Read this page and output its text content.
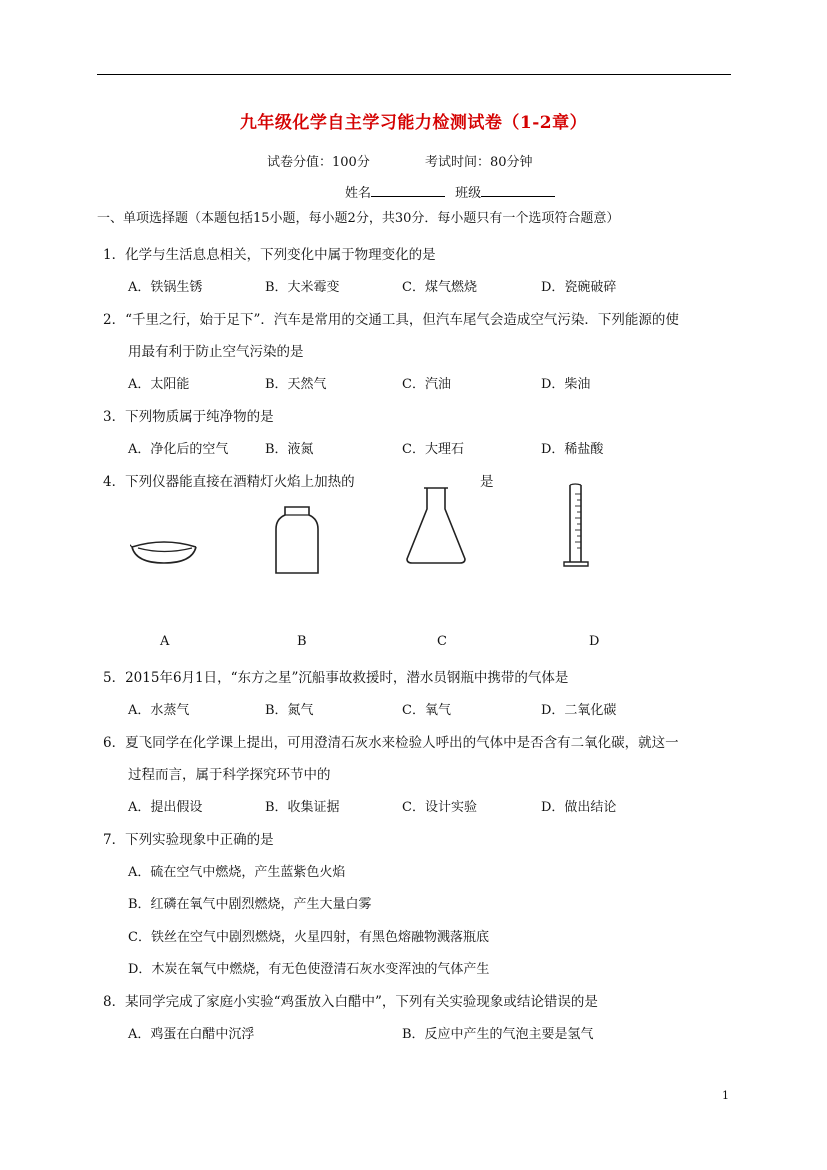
九年级化学自主学习能力检测试卷（1-2章）
试卷分值：100分	考试时间：80分钟
姓名	班级
一、单项选择题（本题包括15小题，每小题2分，共30分．每小题只有一个选项符合题意）
1．化学与生活息息相关，下列变化中属于物理变化的是
A．铁锅生锈	B．大米霉变	C．煤气燃烧	D．瓷碗破碎
2．“千里之行，始于足下”．汽车是常用的交通工具，但汽车尾气会造成空气污染．下列能源的使
用最有利于防止空气污染的是
A．太阳能	B．天然气	C．汽油	D．柴油
3．下列物质属于纯净物的是
A．净化后的空气	B．液氮	C．大理石	D．稀盐酸
4．下列仪器能直接在酒精灯火焰上加热的	是
A	B	C	D
5．2015年6月1日，“东方之星”沉船事故救援时，潜水员钢瓶中携带的气体是
A．水蒸气	B．氮气	C．氧气	D．二氧化碳
6．夏飞同学在化学课上提出，可用澄清石灰水来检验人呼出的气体中是否含有二氧化碳，就这一
过程而言，属于科学探究环节中的
A．提出假设	B．收集证据	C．设计实验	D．做出结论
7．下列实验现象中正确的是
A．硫在空气中燃烧，产生蓝紫色火焰
B．红磷在氧气中剧烈燃烧，产生大量白雾
C．铁丝在空气中剧烈燃烧，火星四射，有黑色熔融物溅落瓶底
D．木炭在氧气中燃烧，有无色使澄清石灰水变浑浊的气体产生
8．某同学完成了家庭小实验“鸡蛋放入白醋中”，下列有关实验现象或结论错误的是
A．鸡蛋在白醋中沉浮	B．反应中产生的气泡主要是氢气
1
